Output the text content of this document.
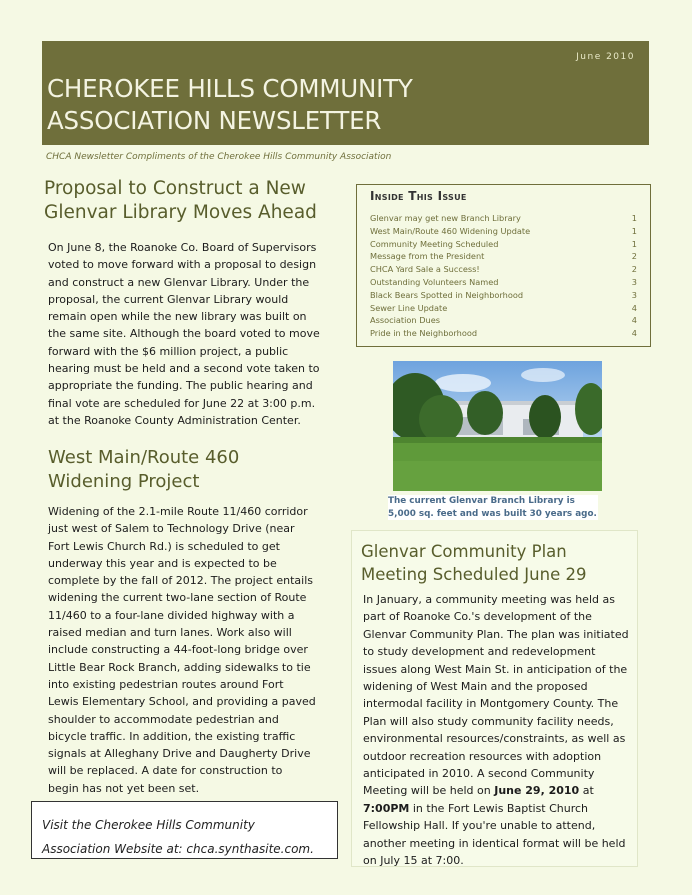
June 2010
CHEROKEE HILLS COMMUNITY
ASSOCIATION NEWSLETTER
CHCA Newsletter Compliments of the Cherokee Hills Community Association
Proposal to Construct a New
Glenvar Library Moves Ahead

On June 8, the Roanoke Co. Board of Supervisors
voted to move forward with a proposal to design
and construct a new Glenvar Library. Under the
proposal, the current Glenvar Library would
remain open while the new library was built on
the same site. Although the board voted to move
forward with the $6 million project, a public
hearing must be held and a second vote taken to
appropriate the funding. The public hearing and
final vote are scheduled for June 22 at 3:00 p.m.
at the Roanoke County Administration Center.

West Main/Route 460
Widening Project

Widening of the 2.1-mile Route 11/460 corridor
just west of Salem to Technology Drive (near
Fort Lewis Church Rd.) is scheduled to get
underway this year and is expected to be
complete by the fall of 2012. The project entails
widening the current two-lane section of Route
11/460 to a four-lane divided highway with a
raised median and turn lanes. Work also will
include constructing a 44-foot-long bridge over
Little Bear Rock Branch, adding sidewalks to tie
into existing pedestrian routes around Fort
Lewis Elementary School, and providing a paved
shoulder to accommodate pedestrian and
bicycle traffic. In addition, the existing traffic
signals at Alleghany Drive and Daugherty Drive
will be replaced. A date for construction to
begin has not yet been set.

Inside This Issue
Glenvar may get new Branch Library	1
West Main/Route 460 Widening Update	1
Community Meeting Scheduled	1
Message from the President	2
CHCA Yard Sale a Success!	2
Outstanding Volunteers Named	3
Black Bears Spotted in Neighborhood	3
Sewer Line Update	4
Association Dues	4
Pride in the Neighborhood	4
The current Glenvar Branch Library is
5,000 sq. feet and was built 30 years ago.
Glenvar Community Plan
Meeting Scheduled June 29

In January, a community meeting was held as
part of Roanoke Co.'s development of the
Glenvar Community Plan. The plan was initiated
to study development and redevelopment
issues along West Main St. in anticipation of the
widening of West Main and the proposed
intermodal facility in Montgomery County. The
Plan will also study community facility needs,
environmental resources/constraints, as well as
outdoor recreation resources with adoption
anticipated in 2010. A second Community
Meeting will be held on June 29, 2010 at
7:00PM in the Fort Lewis Baptist Church
Fellowship Hall. If you're unable to attend,
another meeting in identical format will be held
on July 15 at 7:00.

Visit the Cherokee Hills Community
Association Website at: chca.synthasite.com.
